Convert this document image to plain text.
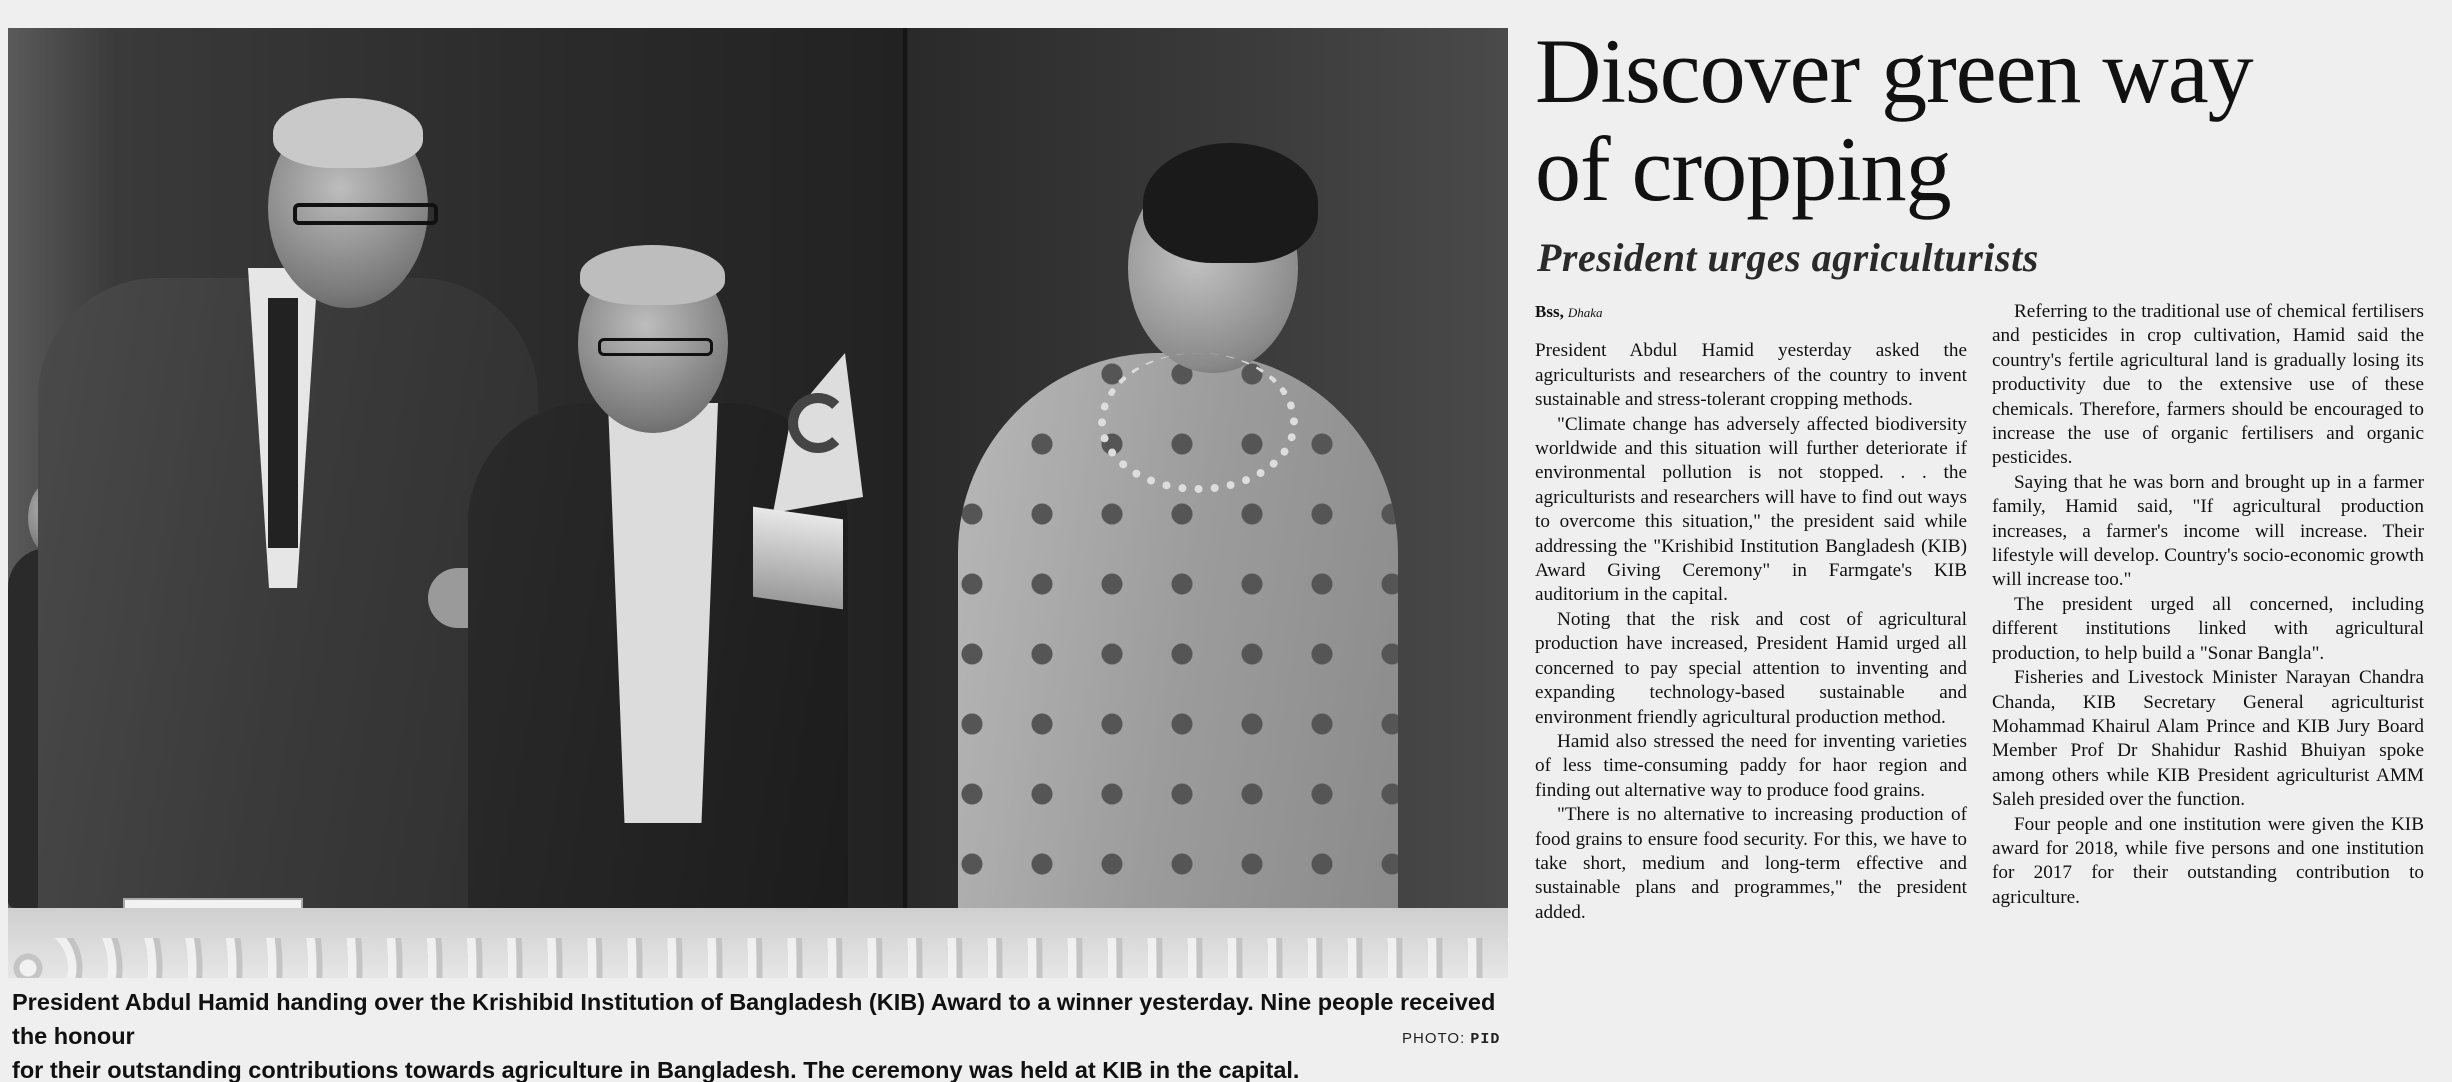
President Abdul Hamid handing over the Krishibid Institution of Bangladesh (KIB) Award to a winner yesterday. Nine people received the honour
for their outstanding contributions towards agriculture in Bangladesh. The ceremony was held at KIB in the capital.
PHOTO: PID
Discover green way
of cropping
President urges agriculturists
Bss, Dhaka

President Abdul Hamid yesterday asked the agriculturists and researchers of the country to invent sustainable and stress-tolerant cropping methods.

"Climate change has adversely affected biodiversity worldwide and this situation will further deteriorate if environmental pollution is not stopped. . . the agriculturists and researchers will have to find out ways to overcome this situation," the president said while addressing the "Krishibid Institution Bangladesh (KIB) Award Giving Ceremony" in Farmgate's KIB auditorium in the capital.

Noting that the risk and cost of agricultural production have increased, President Hamid urged all concerned to pay special attention to inventing and expanding technology-based sustainable and environment friendly agricultural production method.

Hamid also stressed the need for inventing varieties of less time-consuming paddy for haor region and finding out alternative way to produce food grains.

"There is no alternative to increasing production of food grains to ensure food security. For this, we have to take short, medium and long-term effective and sustainable plans and programmes," the president added.

Referring to the traditional use of chemical fertilisers and pesticides in crop cultivation, Hamid said the country's fertile agricultural land is gradually losing its productivity due to the extensive use of these chemicals. Therefore, farmers should be encouraged to increase the use of organic fertilisers and organic pesticides.

Saying that he was born and brought up in a farmer family, Hamid said, "If agricultural production increases, a farmer's income will increase. Their lifestyle will develop. Country's socio-economic growth will increase too."

The president urged all concerned, including different institutions linked with agricultural production, to help build a "Sonar Bangla".

Fisheries and Livestock Minister Narayan Chandra Chanda, KIB Secretary General agriculturist Mohammad Khairul Alam Prince and KIB Jury Board Member Prof Dr Shahidur Rashid Bhuiyan spoke among others while KIB President agriculturist AMM Saleh presided over the function.

Four people and one institution were given the KIB award for 2018, while five persons and one institution for 2017 for their outstanding contribution to agriculture.
